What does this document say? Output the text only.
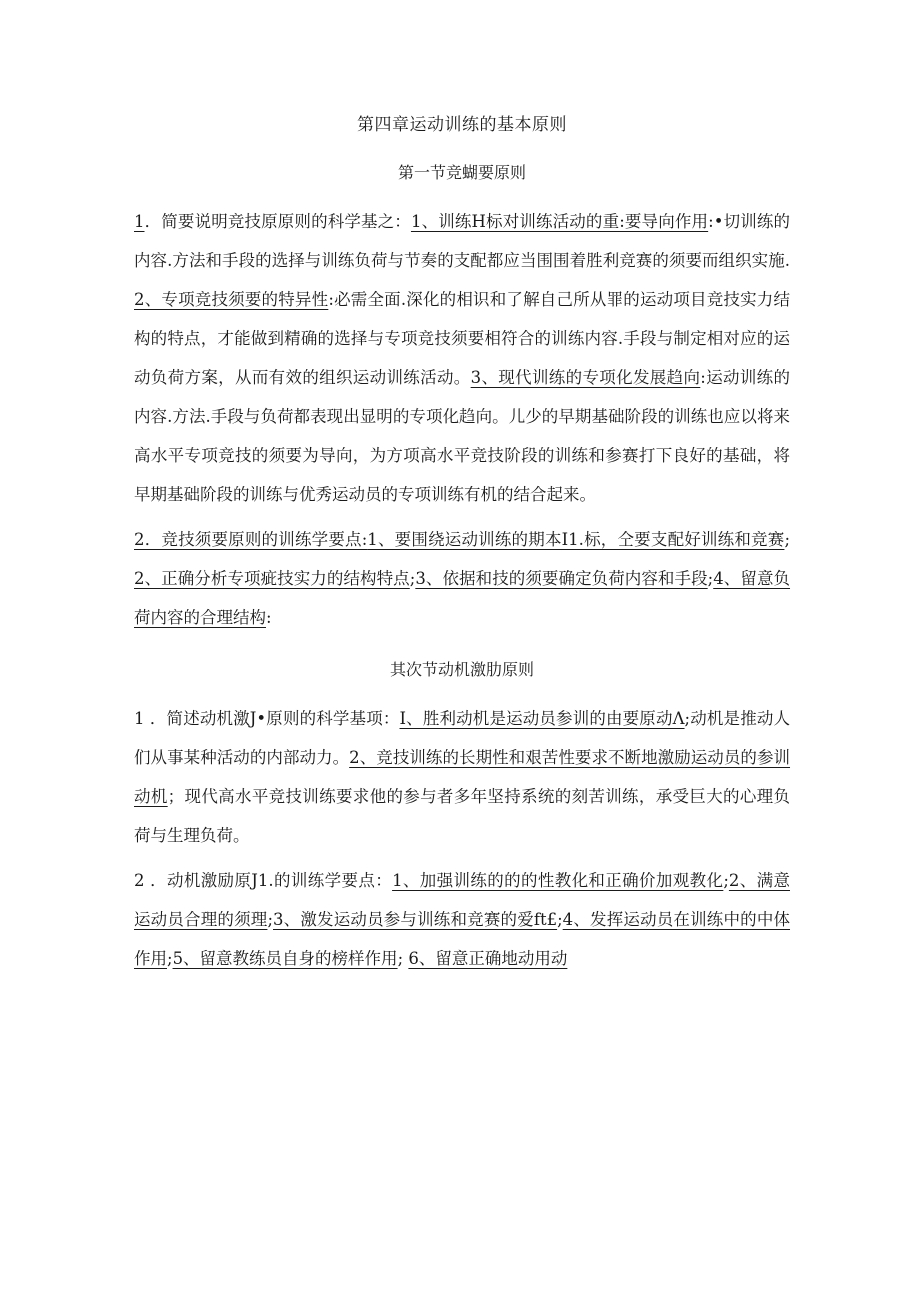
第四章运动训练的基本原则
第一节竞蝴要原则

1．简要说明竞技原原则的科学基之：1、训练H标对训练活动的重:要导向作用:•切训练的内容.方法和手段的选择与训练负荷与节奏的支配都应当围围着胜利竞赛的须要而组织实施.2、专项竞技须要的特异性:必需全面.深化的相识和了解自己所从罪的运动项目竞技实力结构的特点，才能做到精确的选择与专项竞技须要相符合的训练内容.手段与制定相对应的运动负荷方案，从而有效的组织运动训练活动。3、现代训练的专项化发展趋向:运动训练的内容.方法.手段与负荷都表现出显明的专项化趋向。儿少的早期基础阶段的训练也应以将来高水平专项竞技的须要为导向，为方项高水平竞技阶段的训练和参赛打下良好的基础，将早期基础阶段的训练与优秀运动员的专项训练有机的结合起来。

2．竞技须要原则的训练学要点:1、要围绕运动训练的期本I1.标，仝要支配好训练和竞赛;2、正确分析专项疵技实力的结构特点;3、依据和技的须要确定负荷内容和手段;4、留意负荷内容的合理结构:

其次节动机激肋原则

1 ．简述动机激J•原则的科学基项：I、胜利动机是运动员参训的由要原动Λ;动机是推动人们从事某种活动的内部动力。2、竞技训练的长期性和艰苦性要求不断地激励运动员的参训动机；现代高水平竞技训练要求他的参与者多年坚持系统的刻苦训练，承受巨大的心理负荷与生理负荷。

2 ．动机激励原J1.的训练学要点：1、加强训练的的的性教化和正确价加观教化;2、满意运动员合理的须理;3、激发运动员参与训练和竞赛的爱ft£;4、发挥运动员在训练中的中体作用;5、留意教练员自身的榜样作用; 6、留意正确地动用动
